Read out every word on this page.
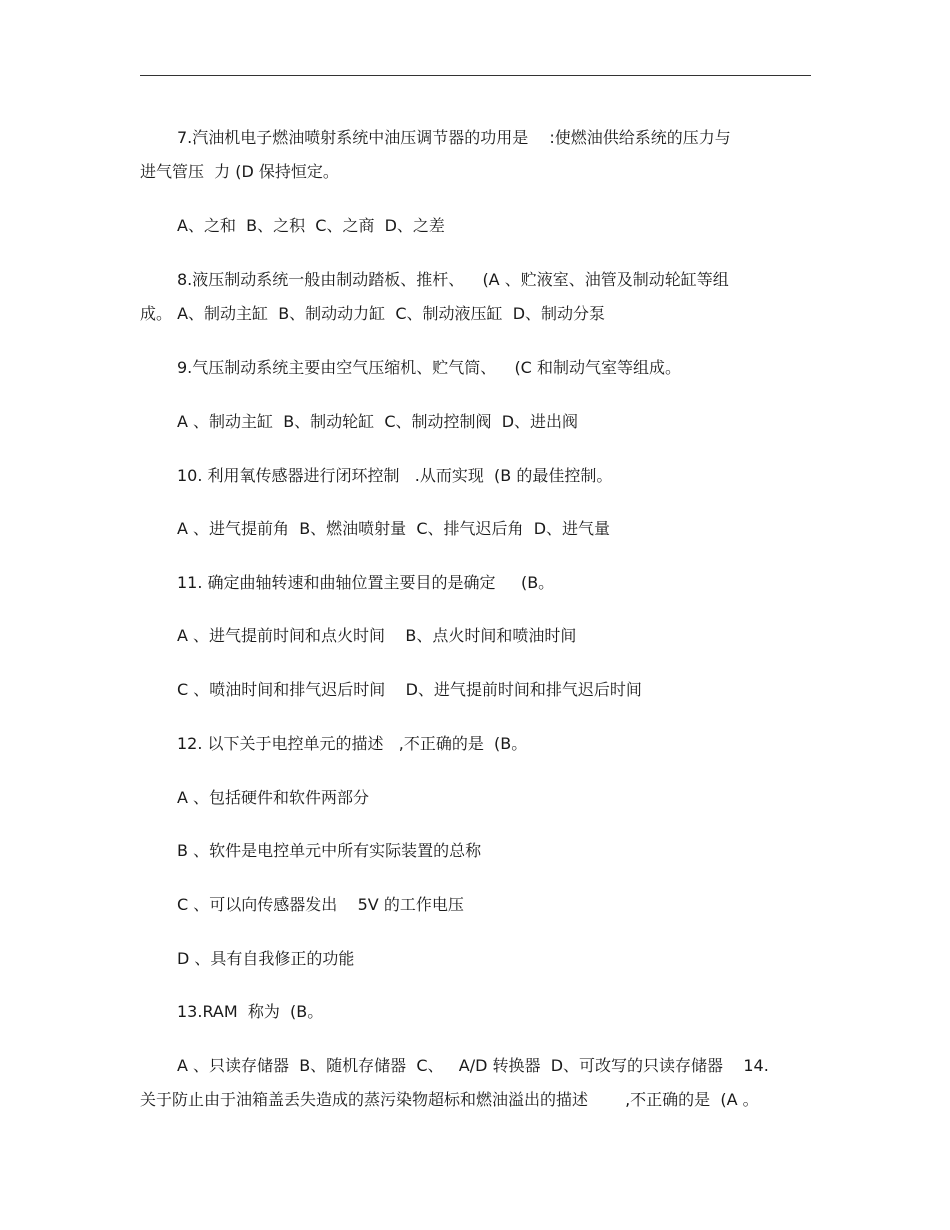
7.汽油机电子燃油喷射系统中油压调节器的功用是　 :使燃油供给系统的压力与

进气管压  力 (D 保持恒定。

A、之和  B、之积  C、之商  D、之差

8.液压制动系统一般由制动踏板、推杆、　  (A 、贮液室、油管及制动轮缸等组

成。 A、制动主缸  B、制动动力缸  C、制动液压缸  D、制动分泵

9.气压制动系统主要由空气压缩机、贮气筒、　  (C 和制动气室等组成。

A 、制动主缸  B、制动轮缸  C、制动控制阀  D、进出阀

10. 利用氧传感器进行闭环控制   .从而实现  (B 的最佳控制。

A 、进气提前角  B、燃油喷射量  C、排气迟后角  D、进气量

11. 确定曲轴转速和曲轴位置主要目的是确定     (B。

A 、进气提前时间和点火时间    B、点火时间和喷油时间

C 、喷油时间和排气迟后时间    D、进气提前时间和排气迟后时间

12. 以下关于电控单元的描述   ,不正确的是  (B。

A 、包括硬件和软件两部分

B 、软件是电控单元中所有实际装置的总称

C 、可以向传感器发出    5V 的工作电压

D 、具有自我修正的功能

13.RAM  称为  (B。

A 、只读存储器  B、随机存储器  C、   A/D 转换器  D、可改写的只读存储器    14.

关于防止由于油箱盖丢失造成的蒸污染物超标和燃油溢出的描述　　 ,不正确的是  (A 。
